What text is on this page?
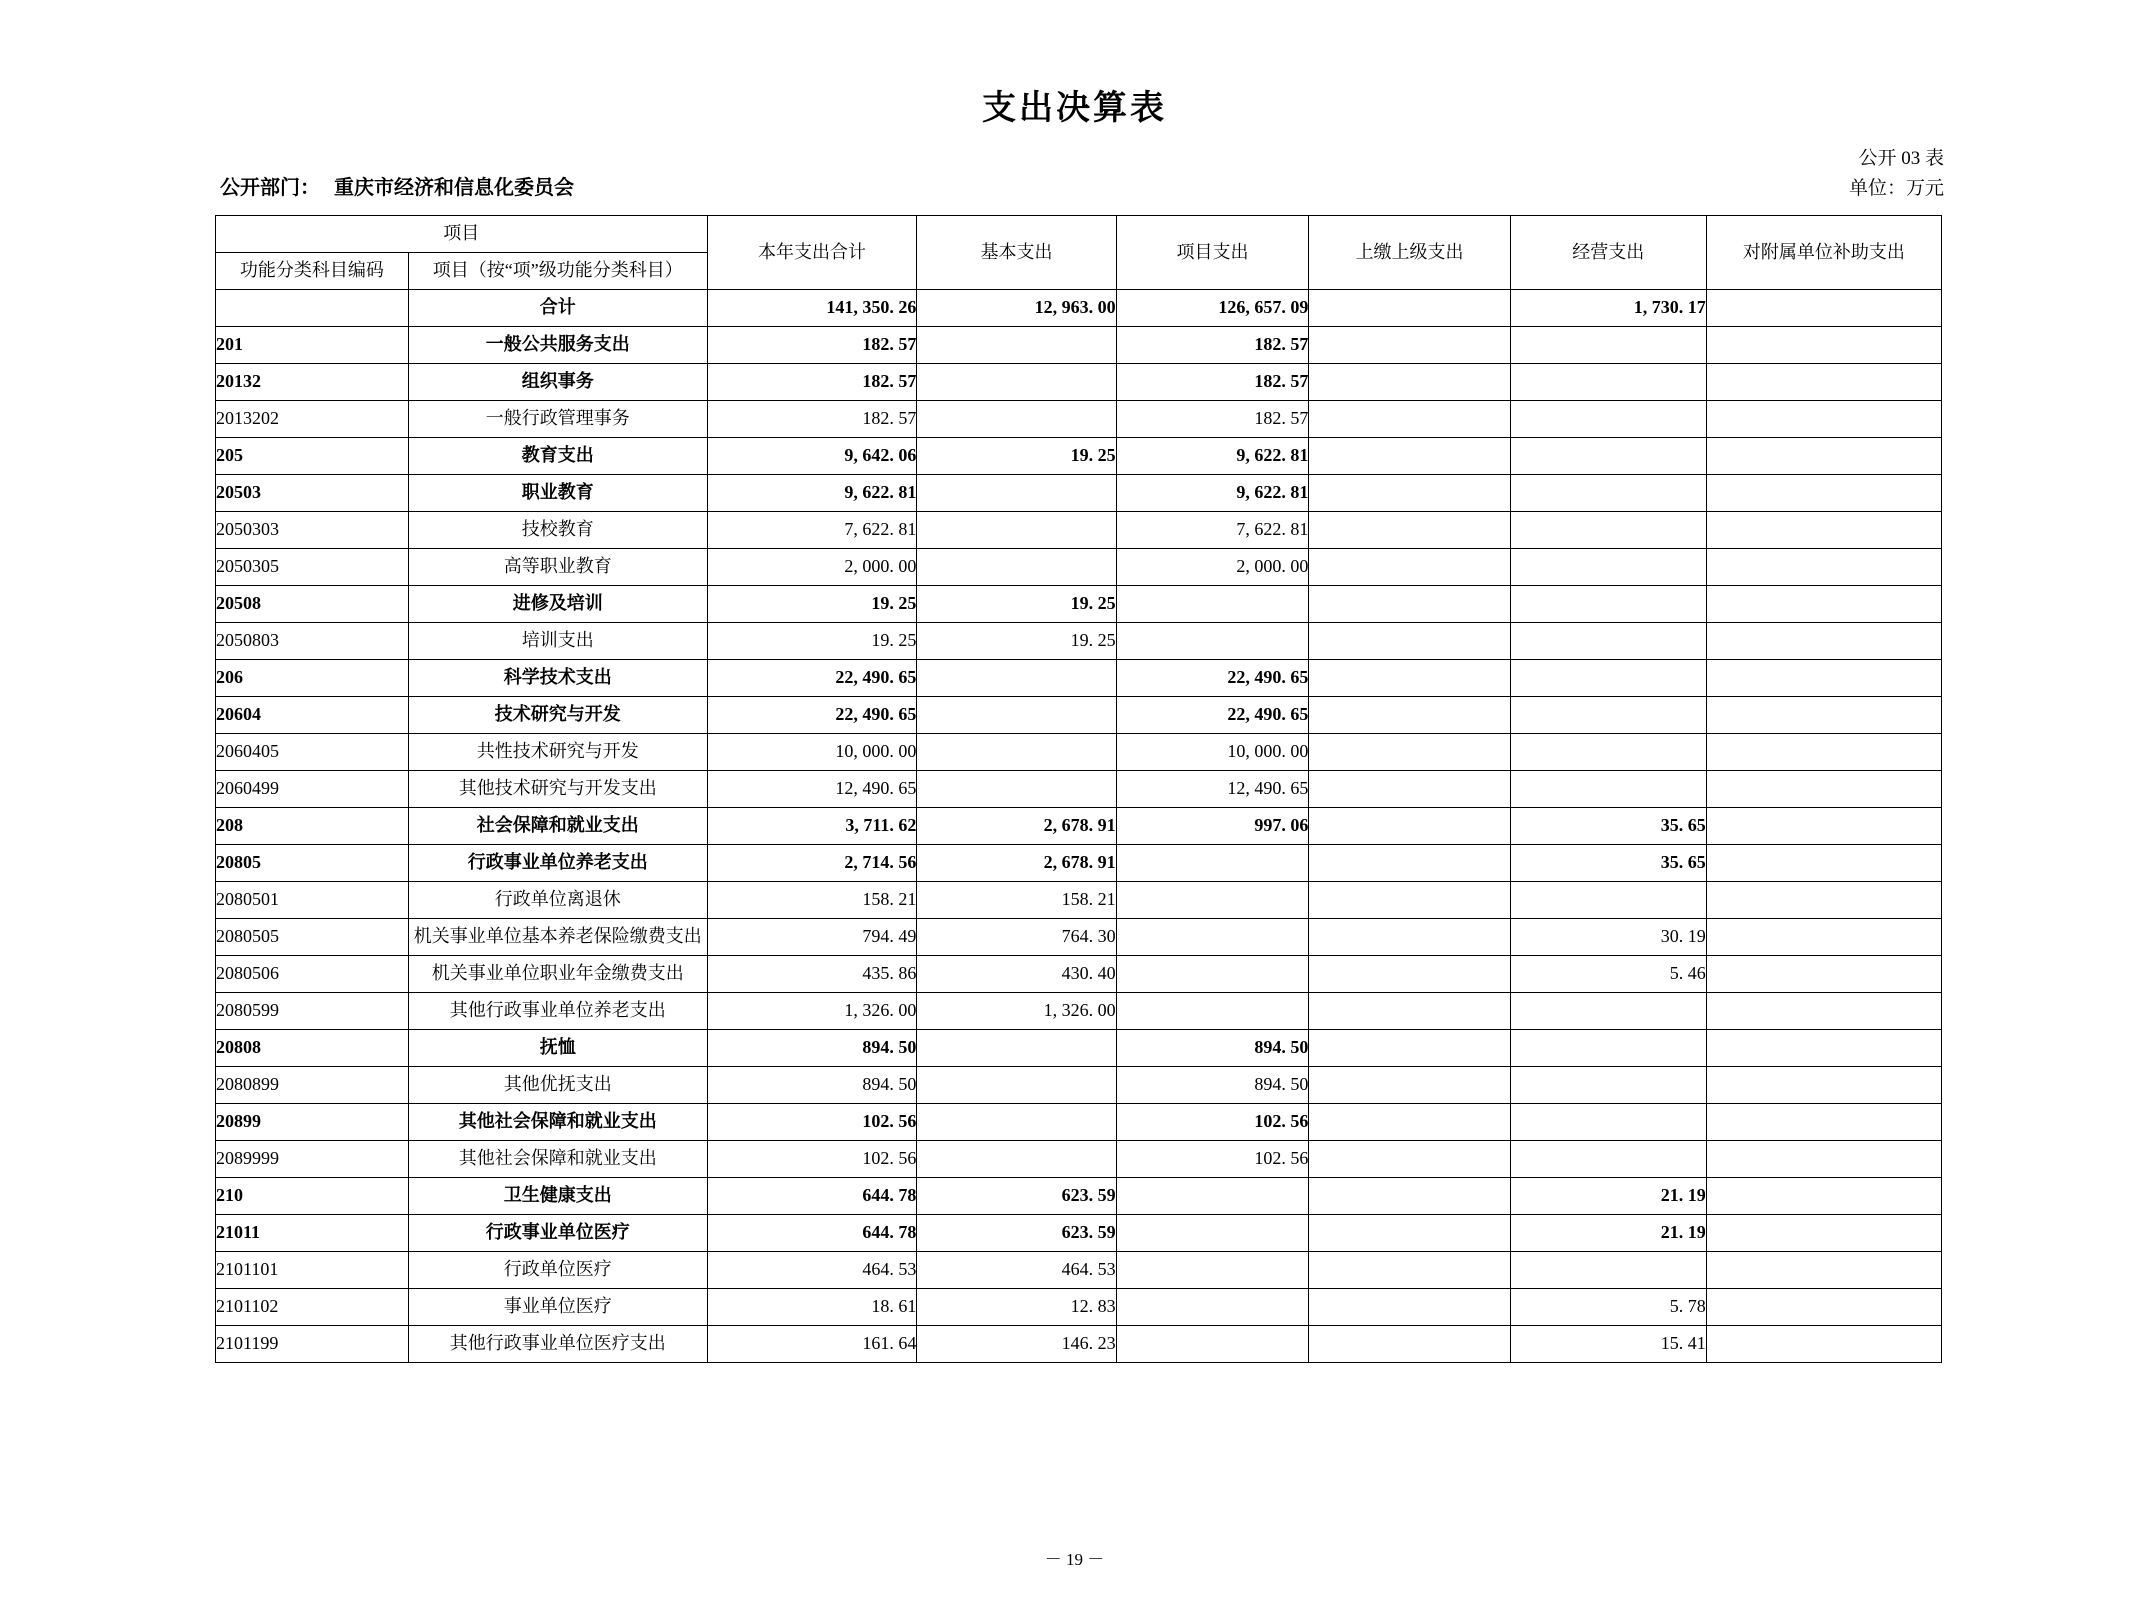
支出决算表
公开 03 表
单位：万元
公开部门： 重庆市经济和信息化委员会
项目		本年支出合计	基本支出	项目支出	上缴上级支出	经营支出	对附属单位补助支出
功能分类科目编码	项目（按“项”级功能分类科目）						
	合计	141, 350. 26	12, 963. 00	126, 657. 09		1, 730. 17	
201	一般公共服务支出	182. 57		182. 57			
20132	组织事务	182. 57		182. 57			
2013202	一般行政管理事务	182. 57		182. 57			
205	教育支出	9, 642. 06	19. 25	9, 622. 81			
20503	职业教育	9, 622. 81		9, 622. 81			
2050303	技校教育	7, 622. 81		7, 622. 81			
2050305	高等职业教育	2, 000. 00		2, 000. 00			
20508	进修及培训	19. 25	19. 25				
2050803	培训支出	19. 25	19. 25				
206	科学技术支出	22, 490. 65		22, 490. 65			
20604	技术研究与开发	22, 490. 65		22, 490. 65			
2060405	共性技术研究与开发	10, 000. 00		10, 000. 00			
2060499	其他技术研究与开发支出	12, 490. 65		12, 490. 65			
208	社会保障和就业支出	3, 711. 62	2, 678. 91	997. 06		35. 65	
20805	行政事业单位养老支出	2, 714. 56	2, 678. 91			35. 65	
2080501	行政单位离退休	158. 21	158. 21				
2080505	机关事业单位基本养老保险缴费支出	794. 49	764. 30			30. 19	
2080506	机关事业单位职业年金缴费支出	435. 86	430. 40			5. 46	
2080599	其他行政事业单位养老支出	1, 326. 00	1, 326. 00				
20808	抚恤	894. 50		894. 50			
2080899	其他优抚支出	894. 50		894. 50			
20899	其他社会保障和就业支出	102. 56		102. 56			
2089999	其他社会保障和就业支出	102. 56		102. 56			
210	卫生健康支出	644. 78	623. 59			21. 19	
21011	行政事业单位医疗	644. 78	623. 59			21. 19	
2101101	行政单位医疗	464. 53	464. 53				
2101102	事业单位医疗	18. 61	12. 83			5. 78	
2101199	其他行政事业单位医疗支出	161. 64	146. 23			15. 41	
－ 19 －
